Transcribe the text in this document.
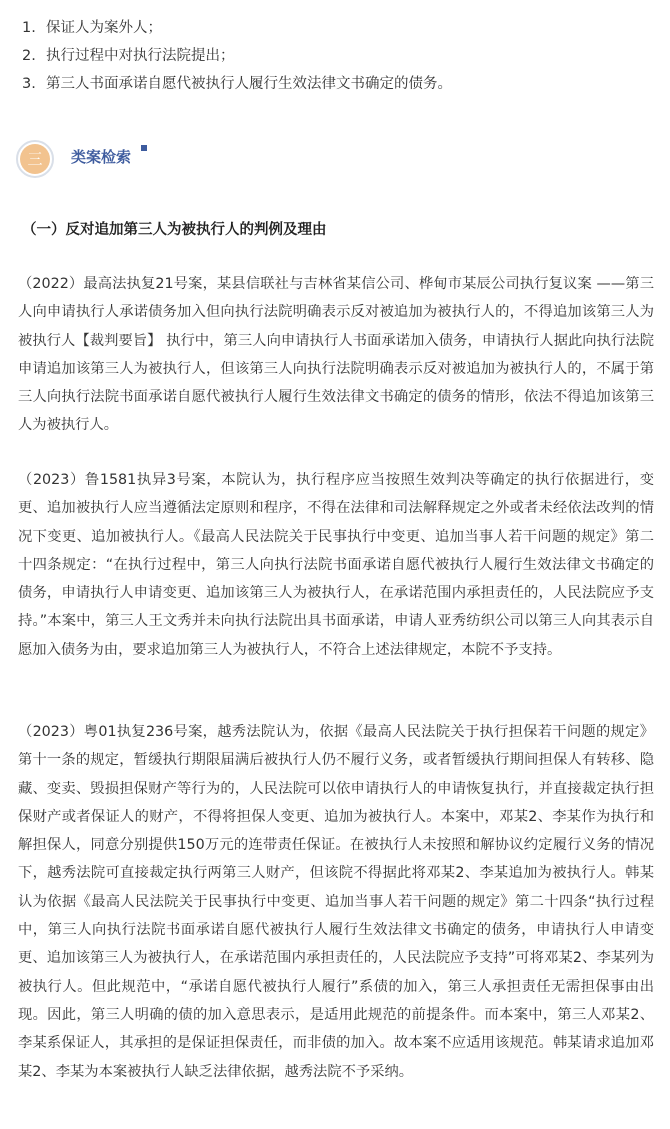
1. 保证人为案外人；
2. 执行过程中对执行法院提出；
3. 第三人书面承诺自愿代被执行人履行生效法律文书确定的债务。
三	类案检索
（一）反对追加第三人为被执行人的判例及理由

（2022）最高法执复21号案，某县信联社与吉林省某信公司、桦甸市某辰公司执行复议案 ——第三人向申请执行人承诺债务加入但向执行法院明确表示反对被追加为被执行人的，不得追加该第三人为被执行人【裁判要旨】 执行中，第三人向申请执行人书面承诺加入债务，申请执行人据此向执行法院申请追加该第三人为被执行人，但该第三人向执行法院明确表示反对被追加为被执行人的，不属于第三人向执行法院书面承诺自愿代被执行人履行生效法律文书确定的债务的情形，依法不得追加该第三人为被执行人。

（2023）鲁1581执异3号案，本院认为，执行程序应当按照生效判决等确定的执行依据进行，变更、追加被执行人应当遵循法定原则和程序，不得在法律和司法解释规定之外或者未经依法改判的情况下变更、追加被执行人。《最高人民法院关于民事执行中变更、追加当事人若干问题的规定》第二十四条规定：“在执行过程中，第三人向执行法院书面承诺自愿代被执行人履行生效法律文书确定的债务，申请执行人申请变更、追加该第三人为被执行人，在承诺范围内承担责任的，人民法院应予支持。”本案中，第三人王文秀并未向执行法院出具书面承诺，申请人亚秀纺织公司以第三人向其表示自愿加入债务为由，要求追加第三人为被执行人，不符合上述法律规定，本院不予支持。

（2023）粤01执复236号案，越秀法院认为，依据《最高人民法院关于执行担保若干问题的规定》第十一条的规定，暂缓执行期限届满后被执行人仍不履行义务，或者暂缓执行期间担保人有转移、隐藏、变卖、毁损担保财产等行为的，人民法院可以依申请执行人的申请恢复执行，并直接裁定执行担保财产或者保证人的财产，不得将担保人变更、追加为被执行人。本案中，邓某2、李某作为执行和解担保人，同意分别提供150万元的连带责任保证。在被执行人未按照和解协议约定履行义务的情况下，越秀法院可直接裁定执行两第三人财产，但该院不得据此将邓某2、李某追加为被执行人。韩某认为依据《最高人民法院关于民事执行中变更、追加当事人若干问题的规定》第二十四条“执行过程中，第三人向执行法院书面承诺自愿代被执行人履行生效法律文书确定的债务，申请执行人申请变更、追加该第三人为被执行人，在承诺范围内承担责任的，人民法院应予支持”可将邓某2、李某列为被执行人。但此规范中，“承诺自愿代被执行人履行”系债的加入，第三人承担责任无需担保事由出现。因此，第三人明确的债的加入意思表示，是适用此规范的前提条件。而本案中，第三人邓某2、李某系保证人，其承担的是保证担保责任，而非债的加入。故本案不应适用该规范。韩某请求追加邓某2、李某为本案被执行人缺乏法律依据，越秀法院不予采纳。
